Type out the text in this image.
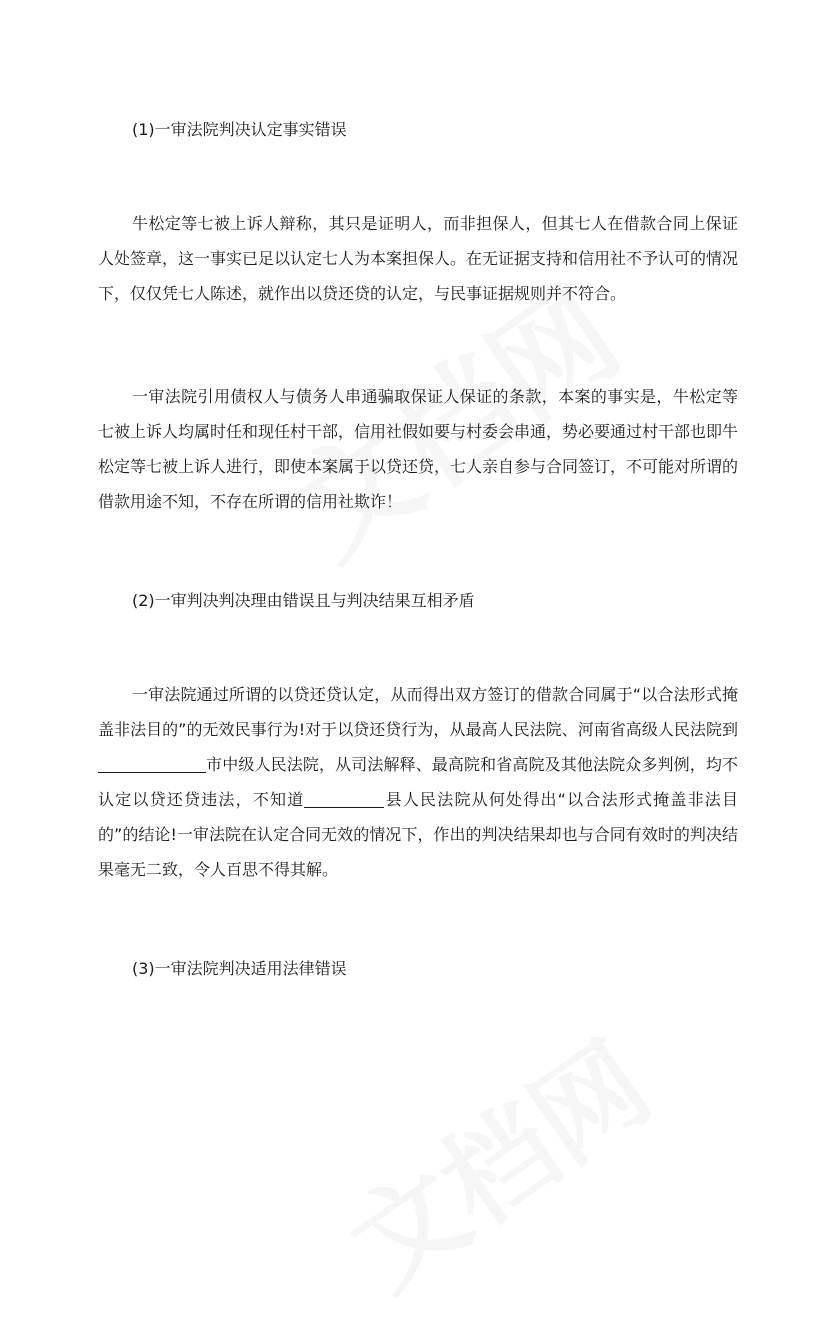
(1)一审法院判决认定事实错误

牛松定等七被上诉人辩称，其只是证明人，而非担保人，但其七人在借款合同上保证人处签章，这一事实已足以认定七人为本案担保人。在无证据支持和信用社不予认可的情况下，仅仅凭七人陈述，就作出以贷还贷的认定，与民事证据规则并不符合。

一审法院引用债权人与债务人串通骗取保证人保证的条款，本案的事实是，牛松定等七被上诉人均属时任和现任村干部，信用社假如要与村委会串通，势必要通过村干部也即牛松定等七被上诉人进行，即使本案属于以贷还贷，七人亲自参与合同签订，不可能对所谓的借款用途不知，不存在所谓的信用社欺诈！

(2)一审判决判决理由错误且与判决结果互相矛盾

一审法院通过所谓的以贷还贷认定，从而得出双方签订的借款合同属于“以合法形式掩盖非法目的”的无效民事行为!对于以贷还贷行为，从最高人民法院、河南省高级人民法院到市中级人民法院，从司法解释、最高院和省高院及其他法院众多判例，均不认定以贷还贷违法，不知道	县人民法院从何处得出“以合法形式掩盖非法目的”的结论!一审法院在认定合同无效的情况下，作出的判决结果却也与合同有效时的判决结果毫无二致，令人百思不得其解。

(3)一审法院判决适用法律错误
